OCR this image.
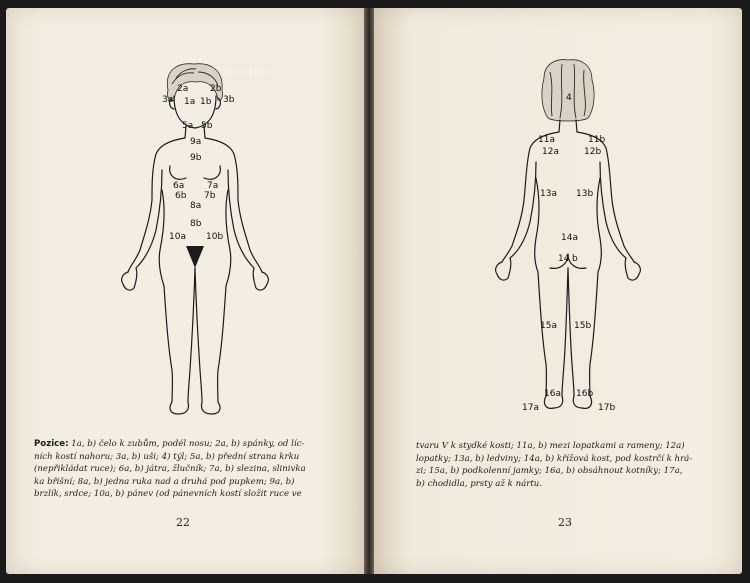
─ ─ ─ ─ ─ ─ ─ ─ ─ ─
─ ─ ─ ─ ─ ─ ─ ─
2a 2b
3a 1a 1b 3b
5a 5b
9a
9b
6a	7a
6b 7b
8a
8b
10a 10b
Pozice: 1a, b) čelo k zubům, podél nosu; 2a, b) spánky, od líc-
ních kostí nahoru; 3a, b) uši; 4) týl; 5a, b) přední strana krku
(nepřikládat ruce); 6a, b) játra, žlučník; 7a, b) slezina, slinivka
ka břišní; 8a, b) jedna ruka nad a druhá pod pupkem; 9a, b)
brzlík, srdce; 10a, b) pánev (od pánevních kostí složit ruce ve
22
4
11a	11b
12a	12b
13a 13b
14a
14 b
15a 15b
16a 16b
17a	17b
tvaru V k stydké kosti; 11a, b) mezi lopatkami a rameny; 12a)
lopatky; 13a, b) ledviny; 14a, b) křížová kost, pod kostrčí k hrá-
zi; 15a, b) podkolenní jamky; 16a, b) obsáhnout kotníky; 17a,
b) chodidla, prsty až k nártu.
23
